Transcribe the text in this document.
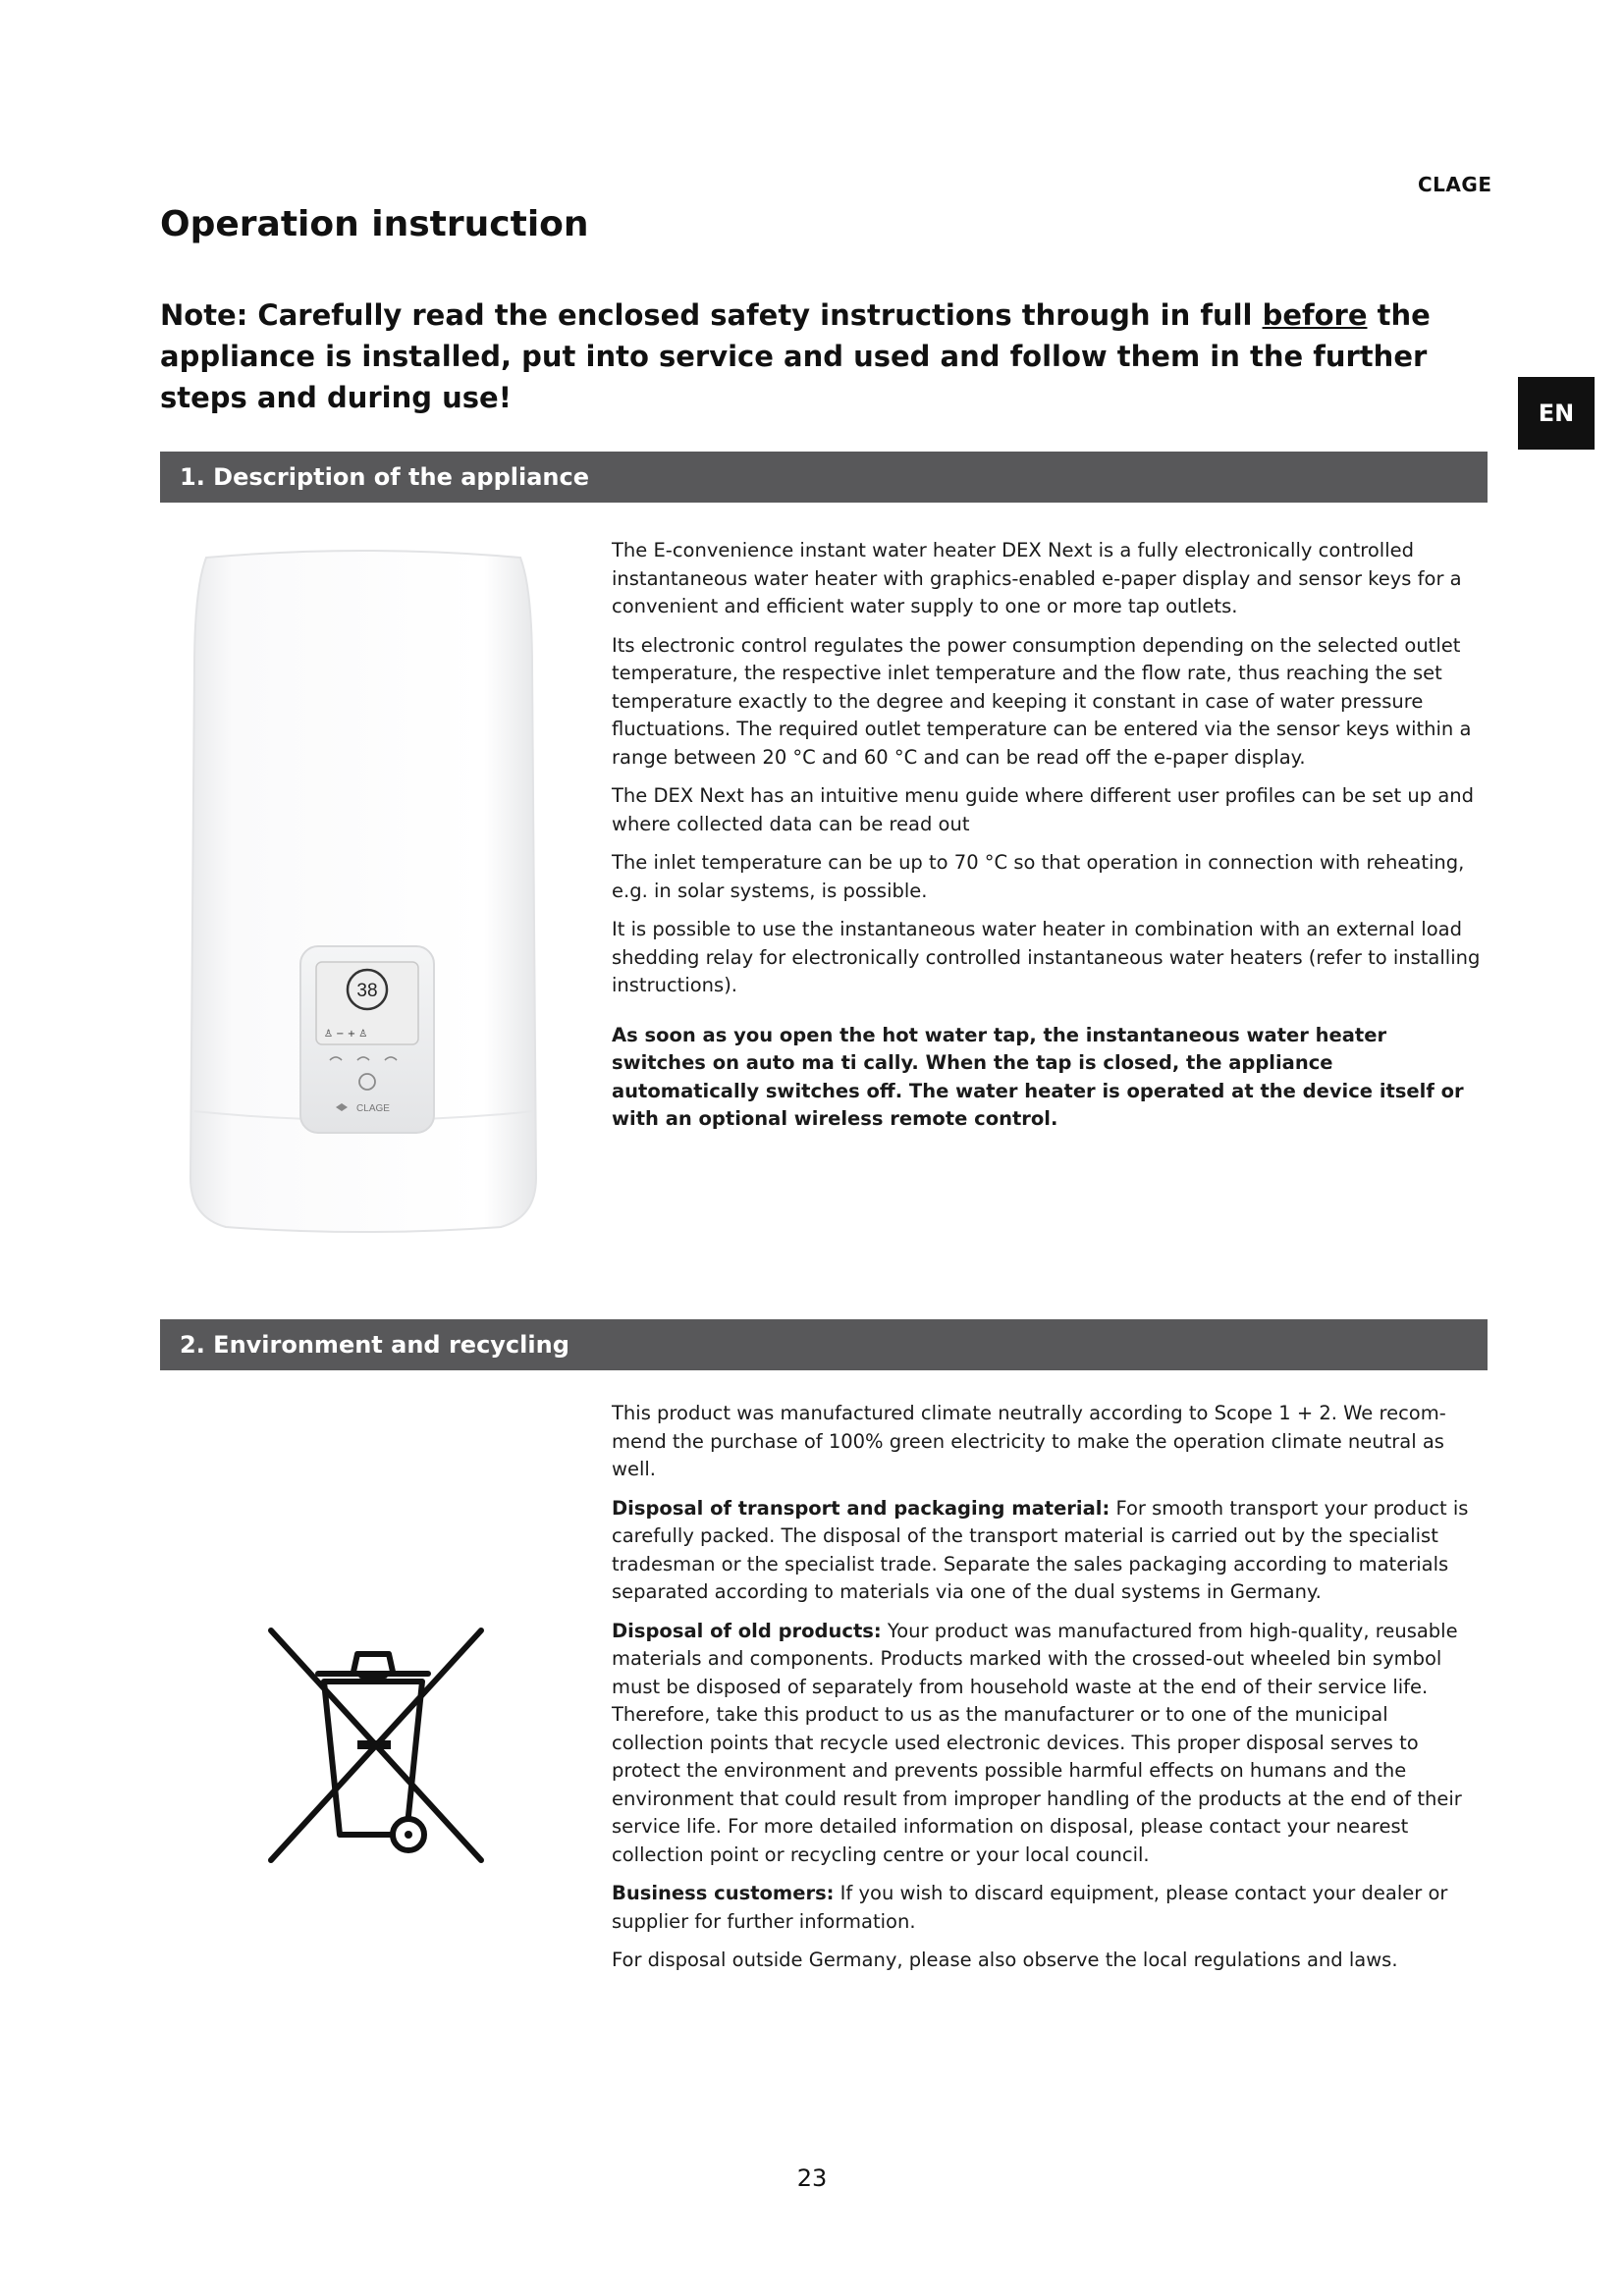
CLAGE
Operation instruction

Note: Carefully read the enclosed safety instructions through in full before the appliance is installed, put into service and used and follow them in the further steps and during use!	EN
1. Description of the appliance
38
♙ − + ♙
CLAGE

The E-convenience instant water heater DEX Next is a fully electronically controlled instantaneous water heater with graphics-enabled e-paper display and sensor keys for a convenient and efficient water supply to one or more tap outlets.

Its electronic control regulates the power consumption depending on the selected outlet temperature, the respective inlet temperature and the flow rate, thus reaching the set temperature exactly to the degree and keeping it constant in case of water pressure fluctuations. The required outlet temperature can be entered via the sensor keys within a range between 20 °C and 60 °C and can be read off the e-paper display.

The DEX Next has an intuitive menu guide where different user profiles can be set up and where collected data can be read out

The inlet temperature can be up to 70 °C so that operation in connection with reheating, e.g. in solar systems, is possible.

It is possible to use the instantaneous water heater in combination with an external load shedding relay for electronically controlled instantaneous water heaters (refer to installing instructions).

As soon as you open the hot water tap, the instantaneous water heater switches on auto ma ti cally. When the tap is closed, the appliance automatically switches off. The water heater is operated at the device itself or with an optional wireless remote control.

2. Environment and recycling

This product was manufactured climate neutrally according to Scope 1 + 2. We recommend the purchase of 100% green electricity to make the operation climate neutral as well.

Disposal of transport and packaging material: For smooth transport your product is carefully packed. The disposal of the transport material is carried out by the specialist tradesman or the specialist trade. Separate the sales packaging according to materials separated according to materials via one of the dual systems in Germany.

Disposal of old products: Your product was manufactured from high-quality, reusable materials and components. Products marked with the crossed-out wheeled bin symbol must be disposed of separately from household waste at the end of their service life. Therefore, take this product to us as the manufacturer or to one of the municipal collection points that recycle used electronic devices. This proper disposal serves to protect the environment and prevents possible harmful effects on humans and the environment that could result from improper handling of the products at the end of their service life. For more detailed information on disposal, please contact your nearest collection point or recycling centre or your local council.

Business customers: If you wish to discard equipment, please contact your dealer or supplier for further information.

For disposal outside Germany, please also observe the local regulations and laws.

23
